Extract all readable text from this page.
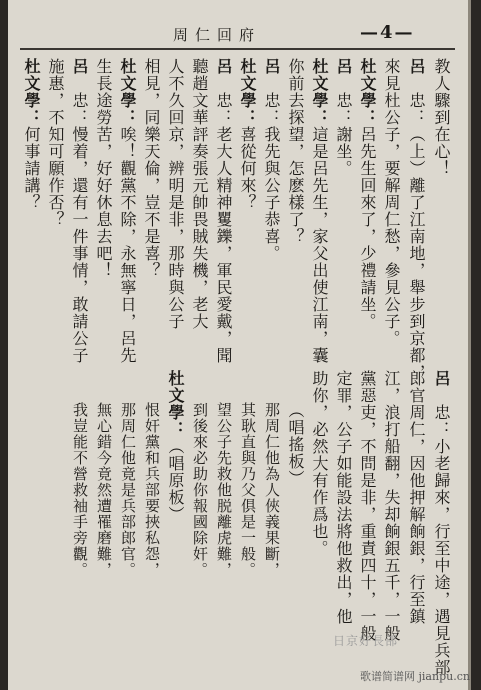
周仁回府	—4—
教人驟到在心！
呂　忠：（上）離了江南地，舉步到京都，
來見杜公子，要解周仁愁，參見公子。
杜文學：呂先生回來了，少禮請坐。
呂　忠：謝坐。
杜文學：這是呂先生，家父出使江南，囊
你前去探望，怎麽樣了？
呂　忠：我先與公子恭喜。
杜文學：喜從何來？
呂　忠：老大人精神矍鑠，軍民愛戴，聞
聽趙文華評奏張元帥畏賊失機，老大
人不久回京，辨明是非，那時與公子
相見，同樂天倫，豈不是喜？
杜文學：唉！觀黨不除，永無寧日，呂先
生長途勞苦，好好休息去吧！
呂　忠：慢着，還有一件事情，敢請公子
施惠，不知可願作否？
杜文學：何事請講？
呂　忠：小老歸來，行至中途，遇見兵部
郎官周仁，因他押解餉銀，行至鎮
江，浪打船翻，失却餉銀五千，一般
黨惡吏，不問是非，重責四十，一般
定罪，公子如能設法將他救出，他
助你，必然大有作爲也。
（唱搖板）
那周仁他為人俠義果斷，
其耿直與乃父俱是一般。
望公子先救他脱離虎難，
到後來必助你報國除奸。
杜文學：（唱原板）
恨奸黨和兵部要挾私怨，
那周仁他竟是兵部郎官。
無心錯今竟然遭罹磨難，
我豈能不營救袖手旁觀。
日京好長部
歌谱简谱网 jianpu.cn
